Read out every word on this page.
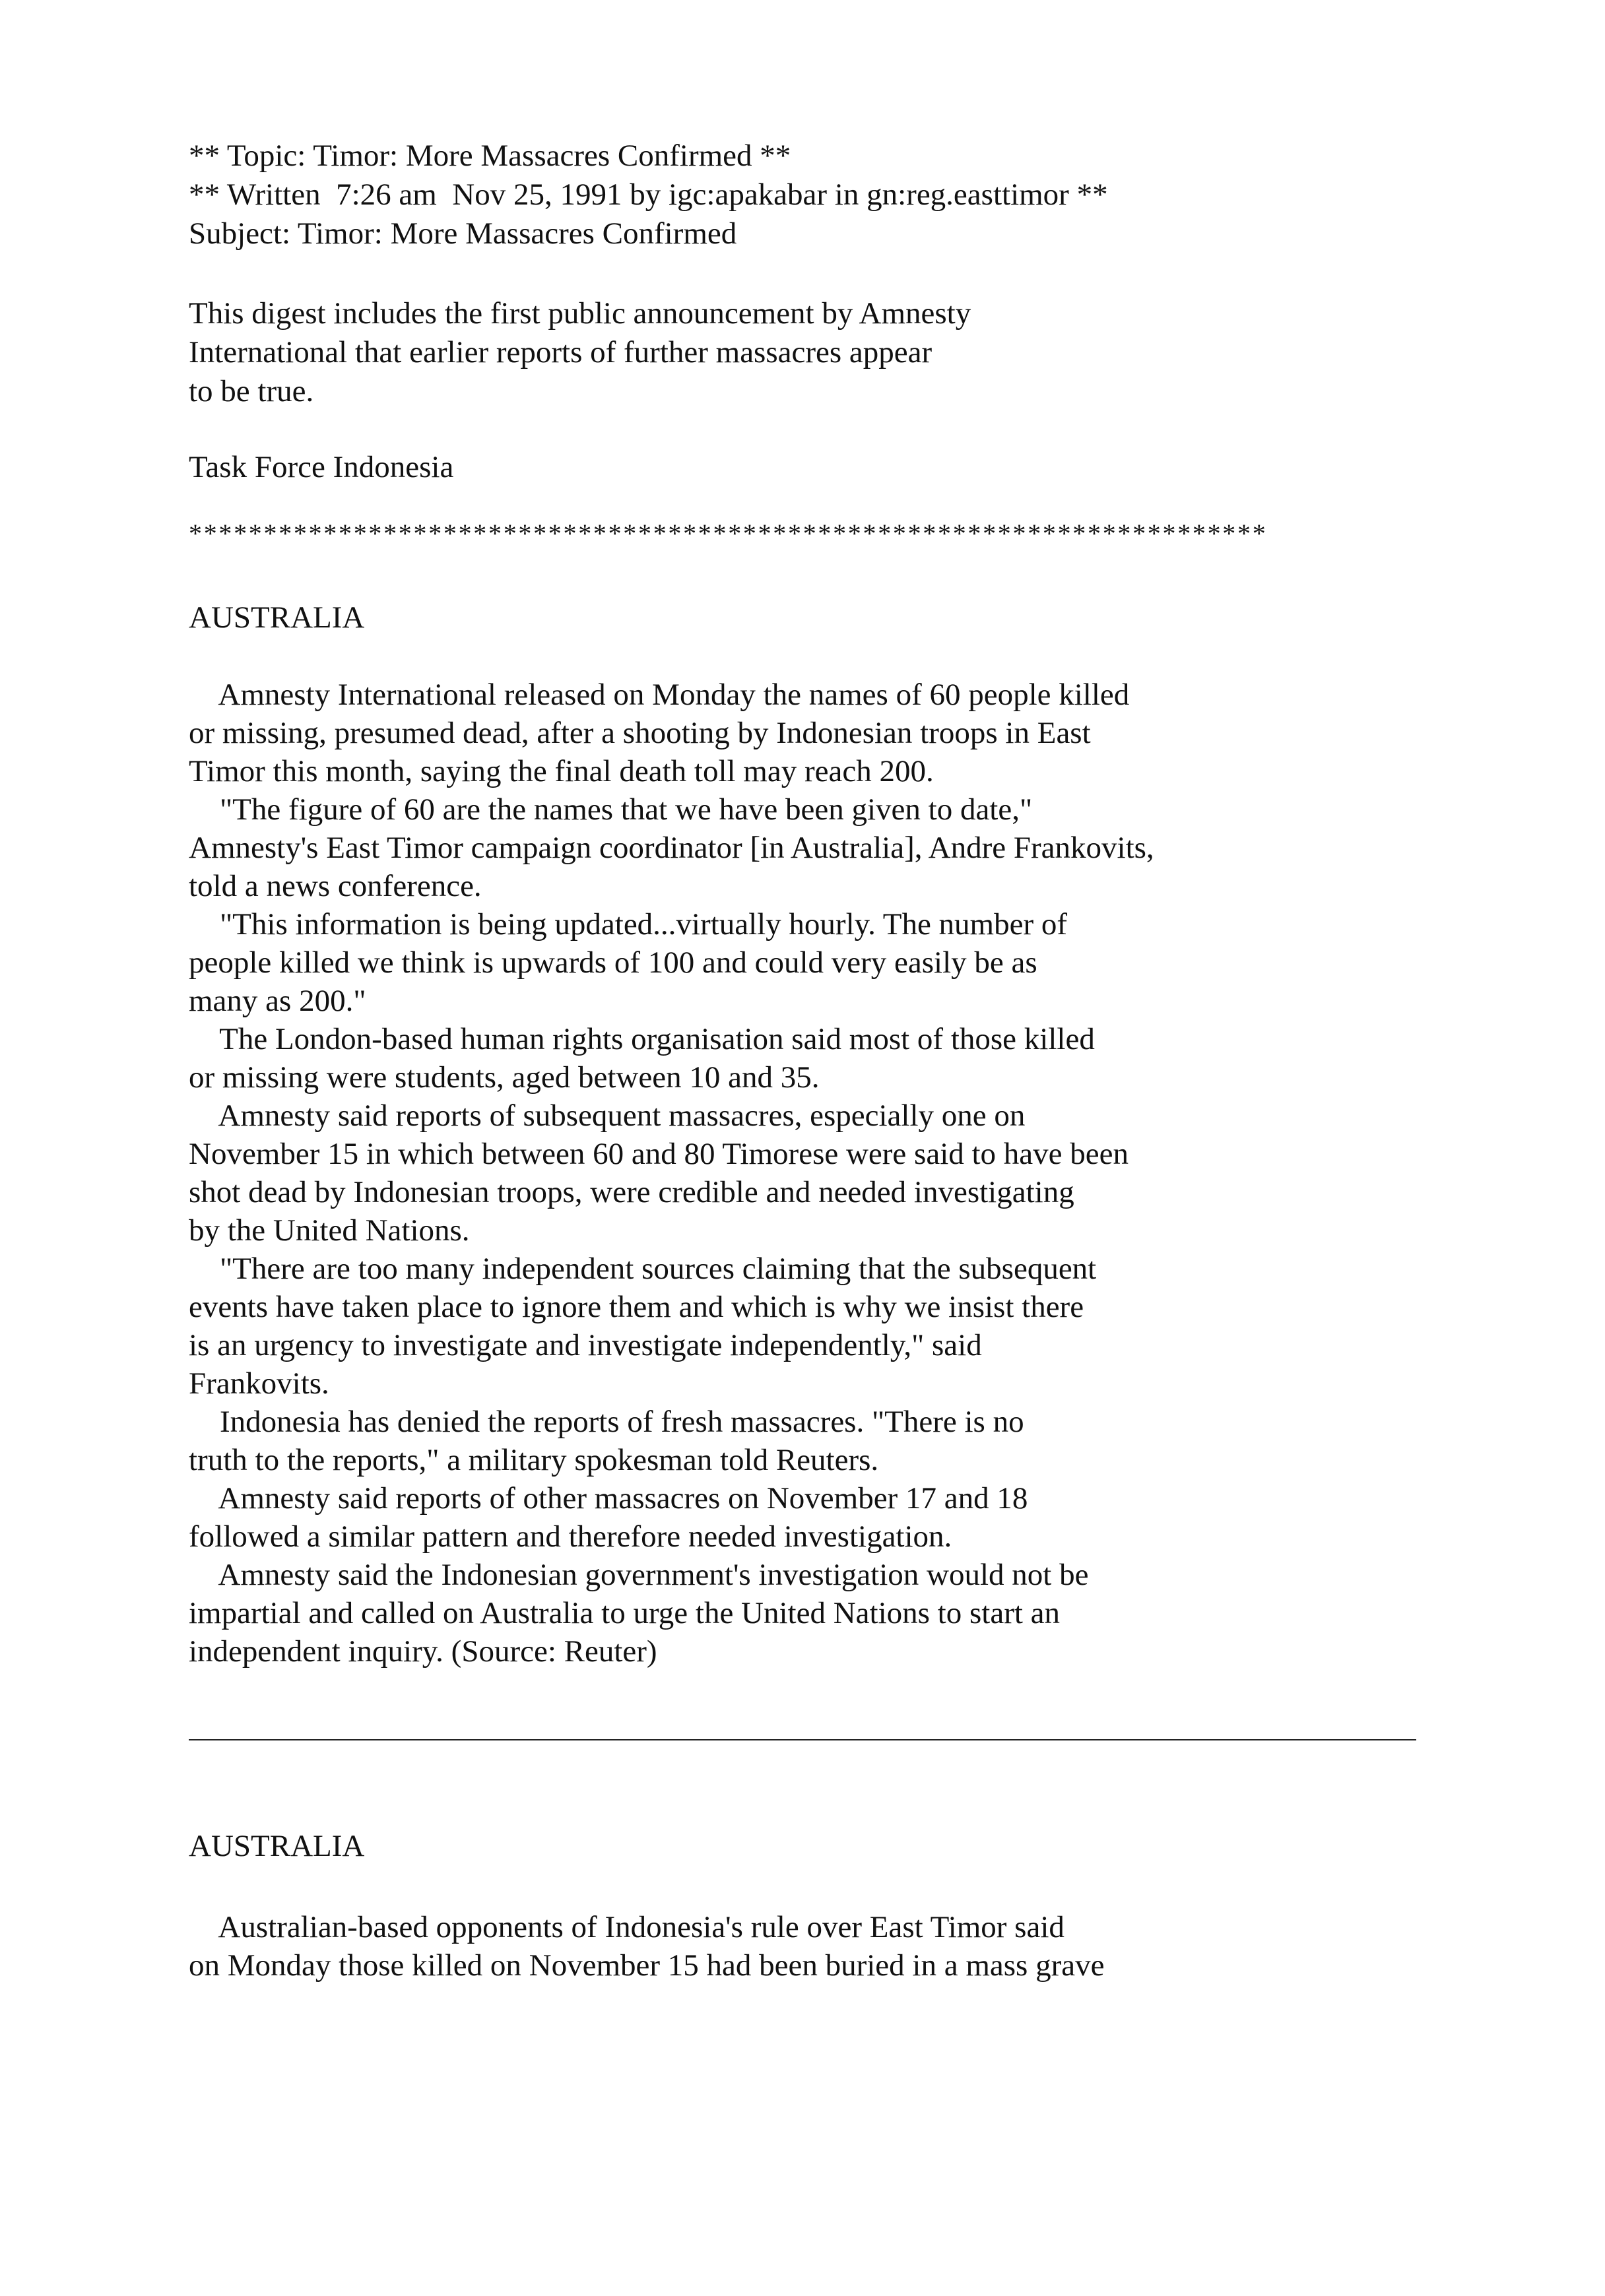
** Topic: Timor: More Massacres Confirmed **
** Written  7:26 am  Nov 25, 1991 by igc:apakabar in gn:reg.easttimor **
Subject: Timor: More Massacres Confirmed
This digest includes the first public announcement by Amnesty
International that earlier reports of further massacres appear
to be true.
Task Force Indonesia
************************************************************************
AUSTRALIA
Amnesty International released on Monday the names of 60 people killed
or missing, presumed dead, after a shooting by Indonesian troops in East
Timor this month, saying the final death toll may reach 200.
"The figure of 60 are the names that we have been given to date,"
Amnesty's East Timor campaign coordinator [in Australia], Andre Frankovits,
told a news conference.
"This information is being updated...virtually hourly. The number of
people killed we think is upwards of 100 and could very easily be as
many as 200."
The London-based human rights organisation said most of those killed
or missing were students, aged between 10 and 35.
Amnesty said reports of subsequent massacres, especially one on
November 15 in which between 60 and 80 Timorese were said to have been
shot dead by Indonesian troops, were credible and needed investigating
by the United Nations.
"There are too many independent sources claiming that the subsequent
events have taken place to ignore them and which is why we insist there
is an urgency to investigate and investigate independently," said
Frankovits.
Indonesia has denied the reports of fresh massacres. "There is no
truth to the reports," a military spokesman told Reuters.
Amnesty said reports of other massacres on November 17 and 18
followed a similar pattern and therefore needed investigation.
Amnesty said the Indonesian government's investigation would not be
impartial and called on Australia to urge the United Nations to start an
independent inquiry. (Source: Reuter)
AUSTRALIA
Australian-based opponents of Indonesia's rule over East Timor said
on Monday those killed on November 15 had been buried in a mass grave
